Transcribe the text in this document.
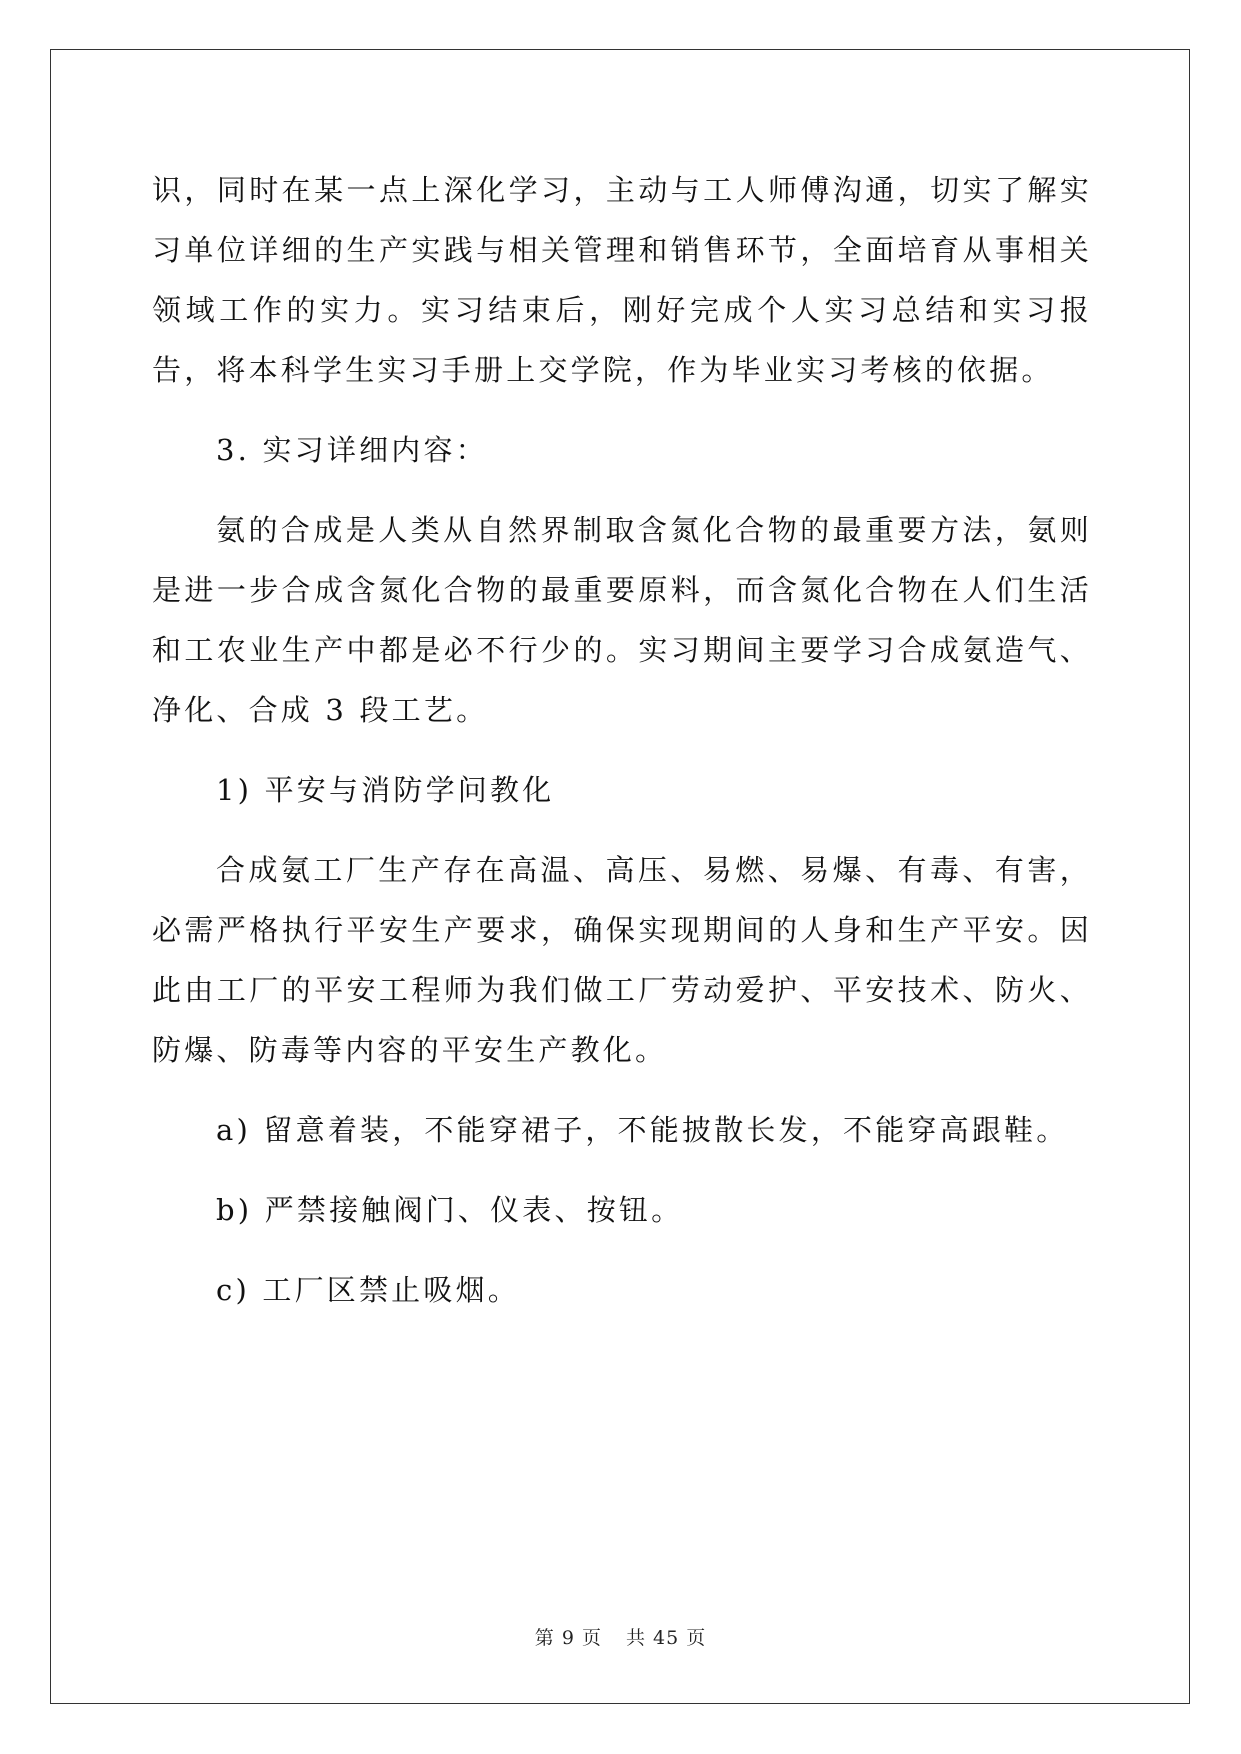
识，同时在某一点上深化学习，主动与工人师傅沟通，切实了解实习单位详细的生产实践与相关管理和销售环节，全面培育从事相关领域工作的实力。实习结束后，刚好完成个人实习总结和实习报告，将本科学生实习手册上交学院，作为毕业实习考核的依据。

3. 实习详细内容：

氨的合成是人类从自然界制取含氮化合物的最重要方法，氨则是进一步合成含氮化合物的最重要原料，而含氮化合物在人们生活和工农业生产中都是必不行少的。实习期间主要学习合成氨造气、净化、合成 3 段工艺。

1) 平安与消防学问教化

合成氨工厂生产存在高温、高压、易燃、易爆、有毒、有害，必需严格执行平安生产要求，确保实现期间的人身和生产平安。因此由工厂的平安工程师为我们做工厂劳动爱护、平安技术、防火、防爆、防毒等内容的平安生产教化。

a) 留意着装，不能穿裙子，不能披散长发，不能穿高跟鞋。

b) 严禁接触阀门、仪表、按钮。

c) 工厂区禁止吸烟。

第 9 页 共 45 页
